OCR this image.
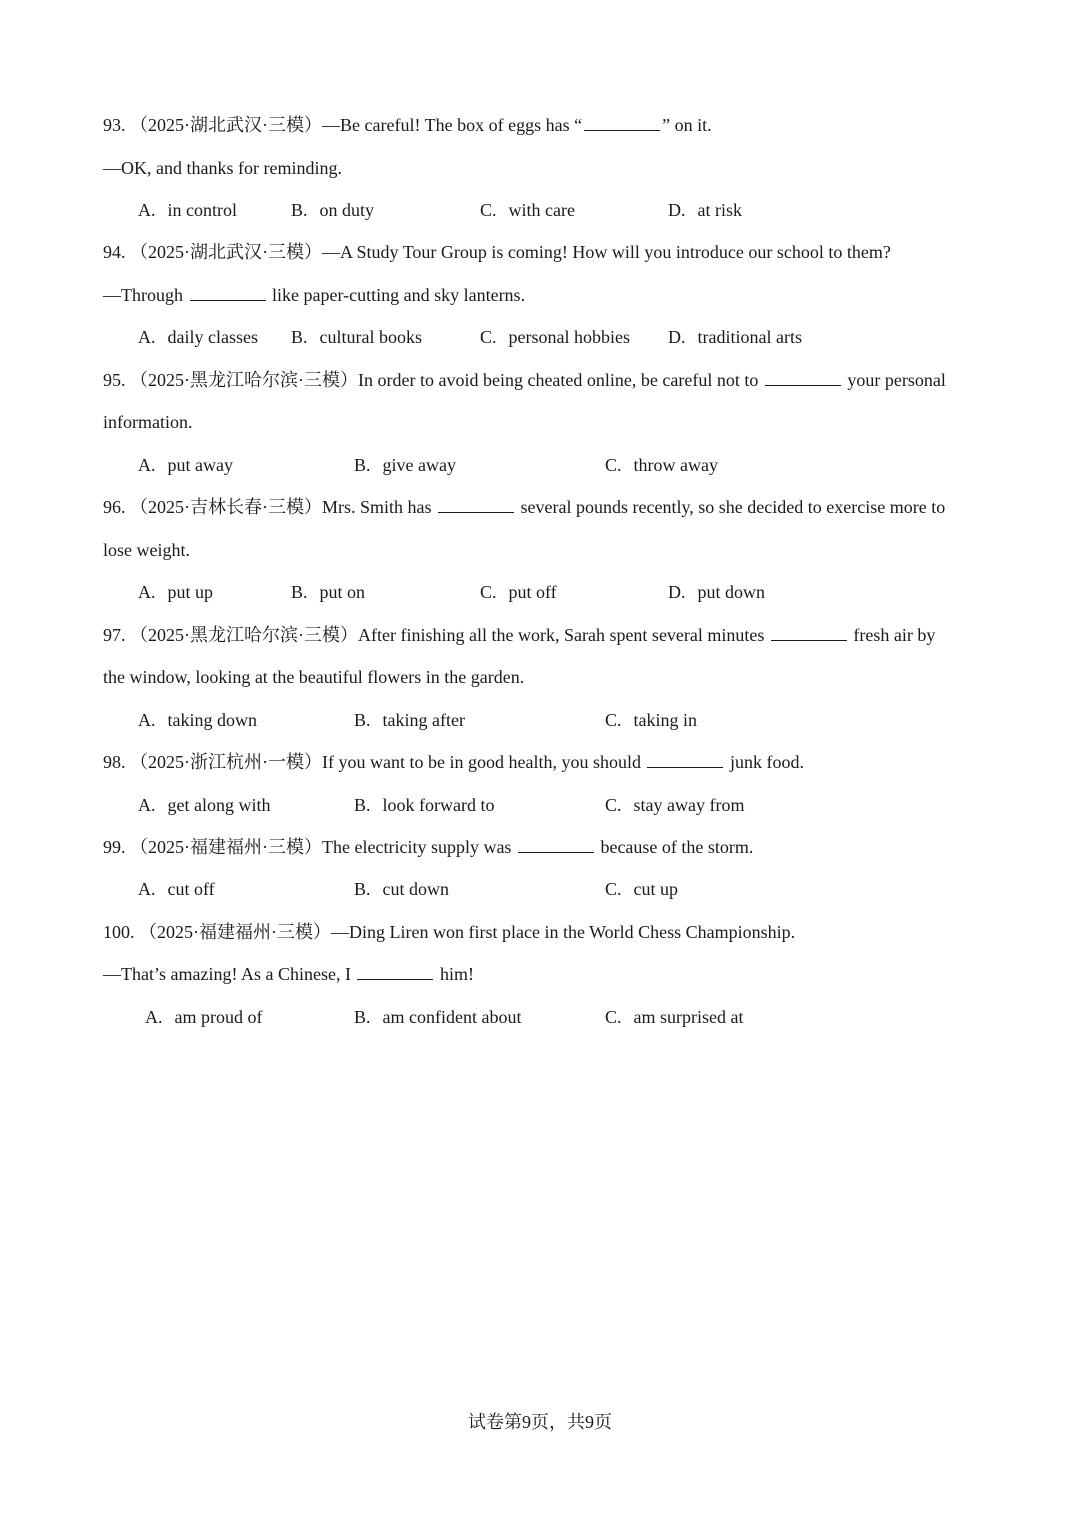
93. （2025·湖北武汉·三模）—Be careful! The box of eggs has “	” on it.
—OK, and thanks for reminding.
A. in control	B. on duty	C. with care	D. at risk
94. （2025·湖北武汉·三模）—A Study Tour Group is coming! How will you introduce our school to them?
—Through	like paper-cutting and sky lanterns.
A. daily classes B. cultural books	C. personal hobbies D. traditional arts
95. （2025·黑龙江哈尔滨·三模）In order to avoid being cheated online, be careful not to	your personal
information.
A. put away	B. give away	C. throw away
96. （2025·吉林长春·三模）Mrs. Smith has	several pounds recently, so she decided to exercise more to
lose weight.
A. put up	B. put on	C. put off	D. put down
97. （2025·黑龙江哈尔滨·三模）After finishing all the work, Sarah spent several minutes	fresh air by
the window, looking at the beautiful flowers in the garden.
A. taking down	B. taking after	C. taking in
98. （2025·浙江杭州·一模）If you want to be in good health, you should	junk food.
A. get along with	B. look forward to	C. stay away from
99. （2025·福建福州·三模）The electricity supply was	because of the storm.
A. cut off	B. cut down	C. cut up
100. （2025·福建福州·三模）—Ding Liren won first place in the World Chess Championship.
—That’s amazing! As a Chinese, I	him!
A. am proud of	B. am confident about	C. am surprised at
试卷第9页，共9页
